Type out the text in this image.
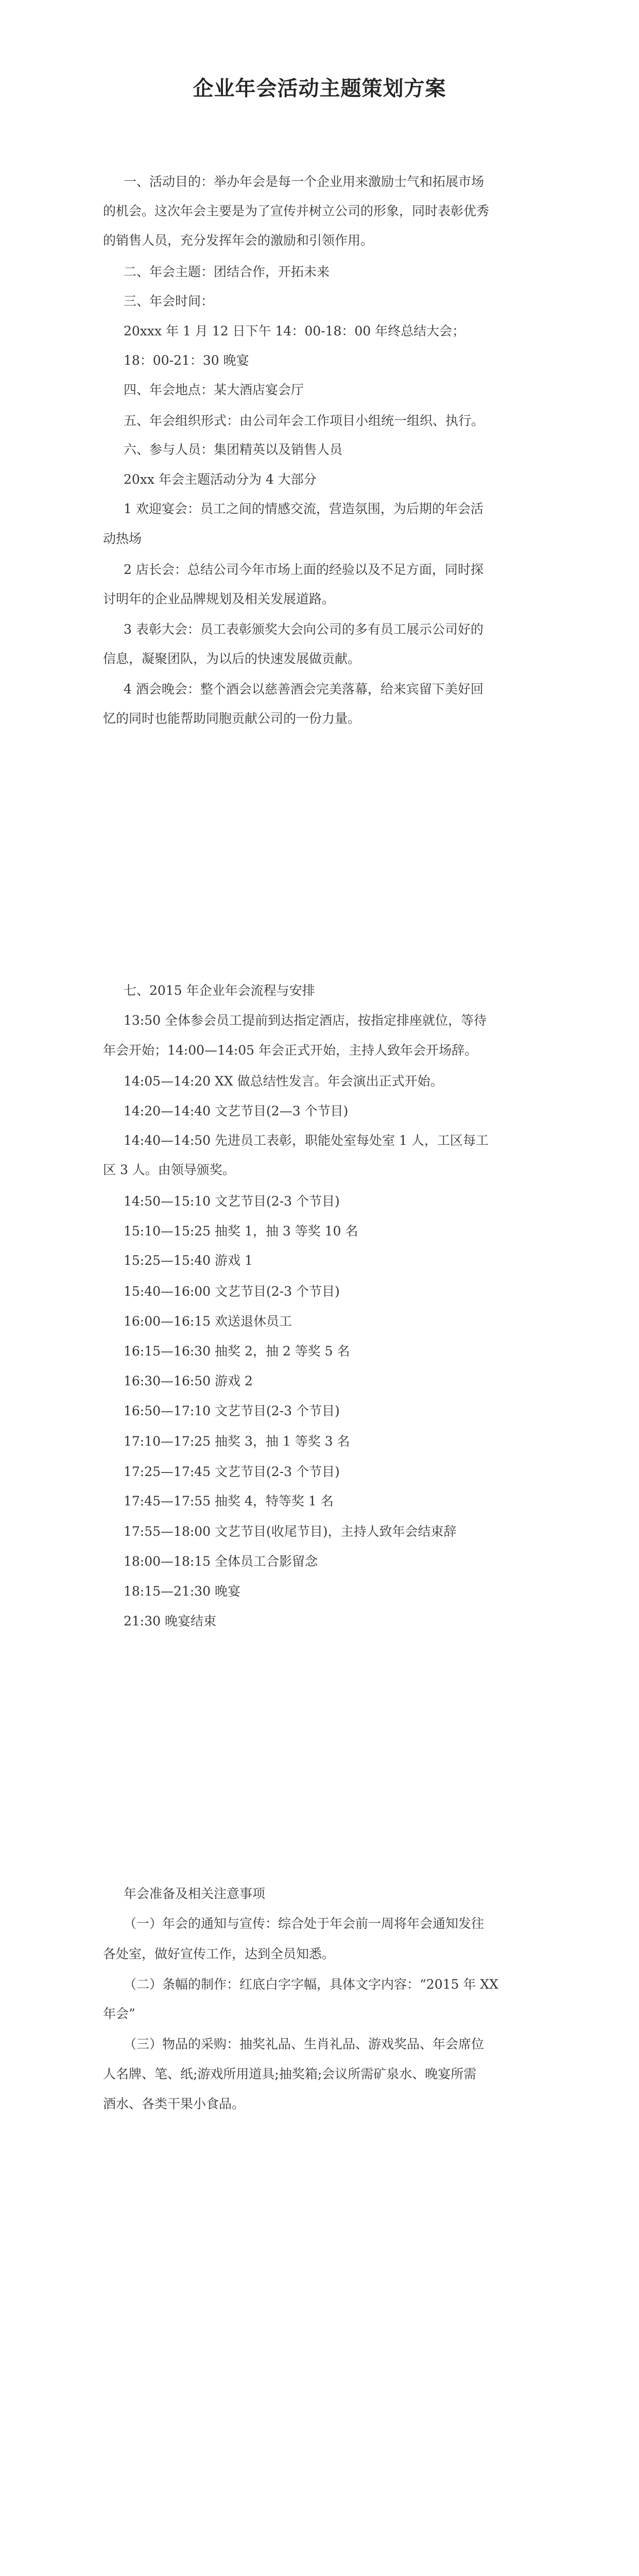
企业年会活动主题策划方案
一、活动目的：举办年会是每一个企业用来激励士气和拓展市场
的机会。这次年会主要是为了宣传并树立公司的形象，同时表彰优秀
的销售人员，充分发挥年会的激励和引领作用。
二、年会主题：团结合作，开拓未来
三、年会时间：
20xxx 年 1 月 12 日下午 14：00-18：00 年终总结大会；
18：00-21：30 晚宴
四、年会地点：某大酒店宴会厅
五、年会组织形式：由公司年会工作项目小组统一组织、执行。
六、参与人员：集团精英以及销售人员
20xx 年会主题活动分为 4 大部分
1 欢迎宴会：员工之间的情感交流，营造氛围，为后期的年会活
动热场
2 店长会：总结公司今年市场上面的经验以及不足方面，同时探
讨明年的企业品牌规划及相关发展道路。
3 表彰大会：员工表彰颁奖大会向公司的多有员工展示公司好的
信息，凝聚团队，为以后的快速发展做贡献。
4 酒会晚会：整个酒会以慈善酒会完美落幕，给来宾留下美好回
忆的同时也能帮助同胞贡献公司的一份力量。
七、2015 年企业年会流程与安排
13:50 全体参会员工提前到达指定酒店，按指定排座就位，等待
年会开始；14:00—14:05 年会正式开始，主持人致年会开场辞。
14:05—14:20 XX 做总结性发言。年会演出正式开始。
14:20—14:40 文艺节目(2—3 个节目)
14:40—14:50 先进员工表彰，职能处室每处室 1 人，工区每工
区 3 人。由领导颁奖。
14:50—15:10 文艺节目(2-3 个节目)
15:10—15:25 抽奖 1，抽 3 等奖 10 名
15:25—15:40 游戏 1
15:40—16:00 文艺节目(2-3 个节目)
16:00—16:15 欢送退休员工
16:15—16:30 抽奖 2，抽 2 等奖 5 名
16:30—16:50 游戏 2
16:50—17:10 文艺节目(2-3 个节目)
17:10—17:25 抽奖 3，抽 1 等奖 3 名
17:25—17:45 文艺节目(2-3 个节目)
17:45—17:55 抽奖 4，特等奖 1 名
17:55—18:00 文艺节目(收尾节目)，主持人致年会结束辞
18:00—18:15 全体员工合影留念
18:15—21:30 晚宴
21:30 晚宴结束
年会准备及相关注意事项
（一）年会的通知与宣传：综合处于年会前一周将年会通知发往
各处室，做好宣传工作，达到全员知悉。
（二）条幅的制作：红底白字字幅，具体文字内容：“2015 年 XX
年会”
（三）物品的采购：抽奖礼品、生肖礼品、游戏奖品、年会席位
人名牌、笔、纸;游戏所用道具;抽奖箱;会议所需矿泉水、晚宴所需
酒水、各类干果小食品。
